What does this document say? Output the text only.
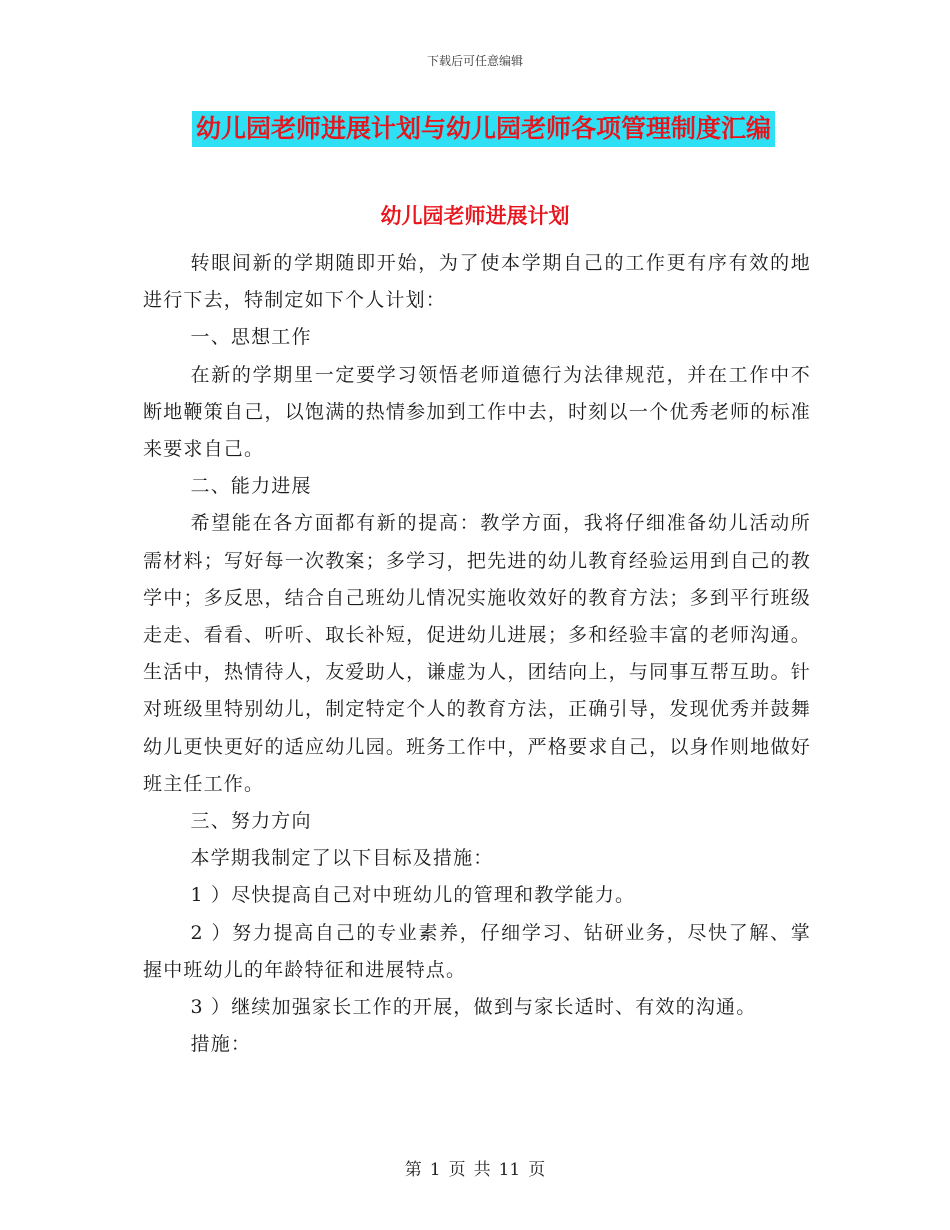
下载后可任意编辑
幼儿园老师进展计划与幼儿园老师各项管理制度汇编
幼儿园老师进展计划

转眼间新的学期随即开始，为了使本学期自己的工作更有序有效的地进行下去，特制定如下个人计划：

一、思想工作

在新的学期里一定要学习领悟老师道德行为法律规范，并在工作中不断地鞭策自己，以饱满的热情参加到工作中去，时刻以一个优秀老师的标准来要求自己。

二、能力进展

希望能在各方面都有新的提高：教学方面，我将仔细准备幼儿活动所需材料；写好每一次教案；多学习，把先进的幼儿教育经验运用到自己的教学中；多反思，结合自己班幼儿情况实施收效好的教育方法；多到平行班级走走、看看、听听、取长补短，促进幼儿进展；多和经验丰富的老师沟通。生活中，热情待人，友爱助人，谦虚为人，团结向上，与同事互帮互助。针对班级里特别幼儿，制定特定个人的教育方法，正确引导，发现优秀并鼓舞幼儿更快更好的适应幼儿园。班务工作中，严格要求自己，以身作则地做好班主任工作。

三、努力方向

本学期我制定了以下目标及措施：

1 ）尽快提高自己对中班幼儿的管理和教学能力。

2 ）努力提高自己的专业素养，仔细学习、钻研业务，尽快了解、掌握中班幼儿的年龄特征和进展特点。

3 ）继续加强家长工作的开展，做到与家长适时、有效的沟通。

措施：

第 1 页 共 11 页
